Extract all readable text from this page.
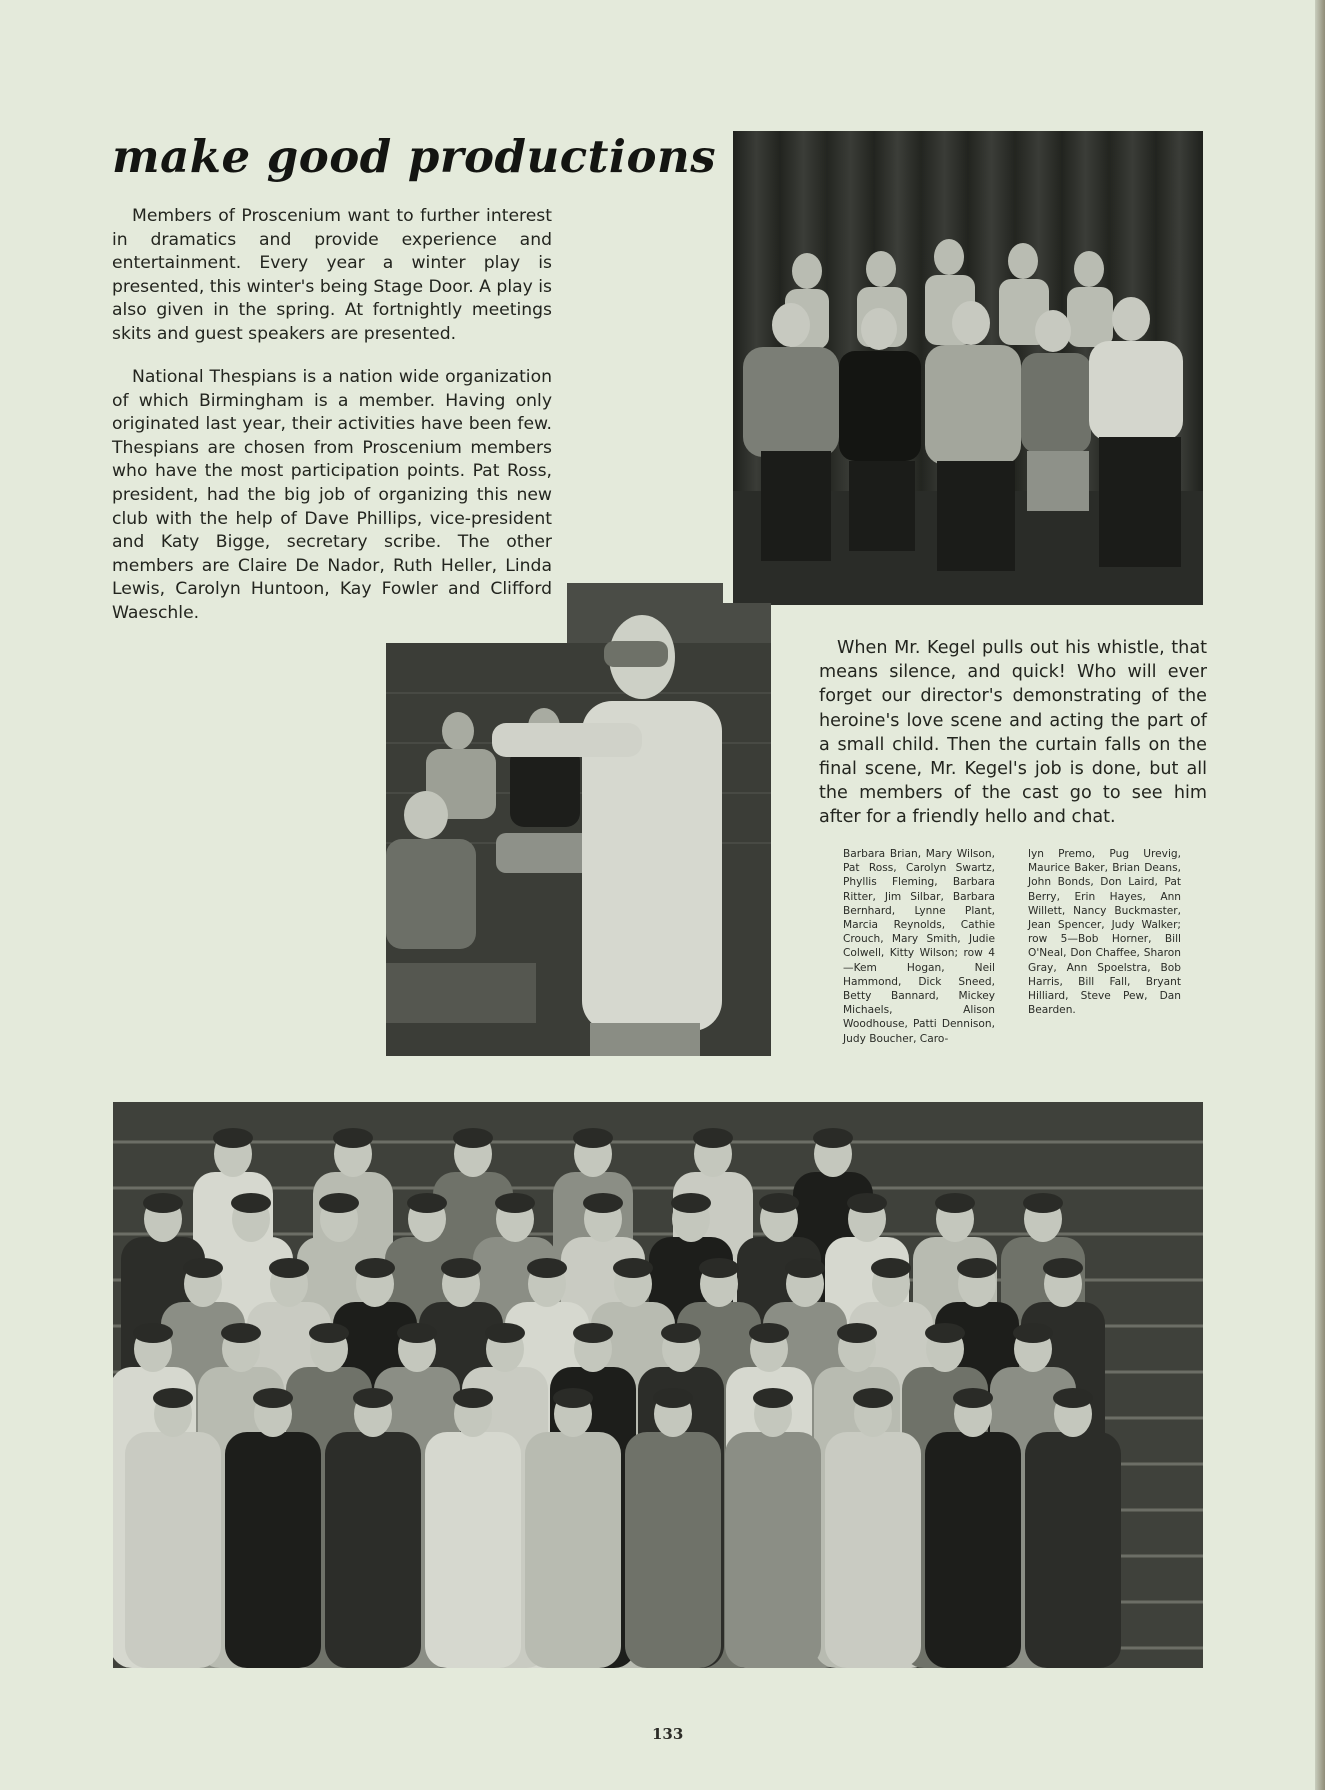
make good productions

Members of Proscenium want to further interest in dramatics and provide experience and entertainment. Every year a winter play is presented, this winter's being Stage Door. A play is also given in the spring. At fortnightly meetings skits and guest speakers are presented.

National Thespians is a nation wide organization of which Birmingham is a member. Having only originated last year, their activities have been few. Thespians are chosen from Proscenium members who have the most participation points. Pat Ross, president, had the big job of organizing this new club with the help of Dave Phillips, vice-president and Katy Bigge, secretary scribe. The other members are Claire De Nador, Ruth Heller, Linda Lewis, Carolyn Huntoon, Kay Fowler and Clifford Waeschle.

When Mr. Kegel pulls out his whistle, that means silence, and quick! Who will ever forget our director's demonstrating of the heroine's love scene and acting the part of a small child. Then the curtain falls on the final scene, Mr. Kegel's job is done, but all the members of the cast go to see him after for a friendly hello and chat.

Barbara Brian, Mary Wilson, Pat Ross, Carolyn Swartz, Phyllis Fleming, Barbara Ritter, Jim Silbar, Barbara Bernhard, Lynne Plant, Marcia Reynolds, Cathie Crouch, Mary Smith, Judie Colwell, Kitty Wilson; row 4—Kem Hogan, Neil Hammond, Dick Sneed, Betty Bannard, Mickey Michaels, Alison Woodhouse, Patti Dennison, Judy Boucher, Caro-

lyn Premo, Pug Urevig, Maurice Baker, Brian Deans, John Bonds, Don Laird, Pat Berry, Erin Hayes, Ann Willett, Nancy Buckmaster, Jean Spencer, Judy Walker; row 5—Bob Horner, Bill O'Neal, Don Chaffee, Sharon Gray, Ann Spoelstra, Bob Harris, Bill Fall, Bryant Hilliard, Steve Pew, Dan Bearden.

133
